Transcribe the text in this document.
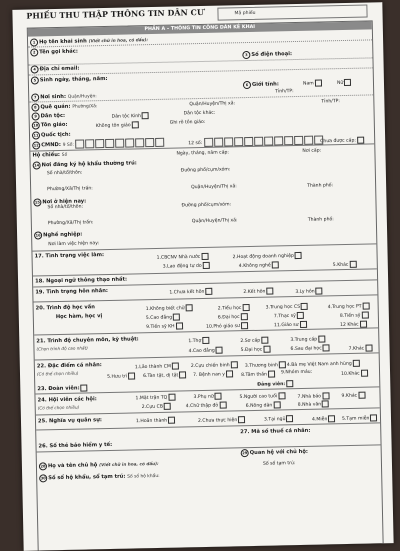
PHIẾU THU THẬP THÔNG TIN DÂN CƯ	Mã phiếu
PHẦN A – THÔNG TIN CÔNG DÂN KÊ KHAI
1 Họ tên khai sinh (Viết chữ in hoa, có dấu):
2 Tên gọi khác:	3 Số điện thoại:
4 Địa chỉ email:
5 Sinh ngày, tháng, năm:
6 Giới tính:	Nam	Nữ
7 Nơi sinh: Quận/Huyện:
Tỉnh/TP:
8 Quê quán: Phường/Xã:	Quận/Huyện/Thị xã:	Tỉnh/TP:
9 Dân tộc:	Dân tộc Kinh
Dân tộc khác:
10 Tôn giáo:	Không tôn giáo
Ghi rõ tôn giáo:
11 Quốc tịch:
12 CMND: 9 Số:	12 số:	Chưa được cấp:
Hộ chiếu: Số	Ngày, tháng, năm cấp:	Nơi cấp:
14 Nơi đăng ký hộ khẩu thường trú:
Số nhà/tổ/thôn:	Đường phố/cụm/xóm:
Phường/Xã/Thị trấn:	Quận/Huyện/Thị xã:	Thành phố:
15 Nơi ở hiện nay:
Số nhà/tổ/thôn:	Đường phố/cụm/xóm:
Phường/Xã/Thị trấn:	Quận/Huyện/Thị xã:	Thành phố:
16 Nghề nghiệp:
Nơi làm việc hiện nay:
17. Tình trạng việc làm:	1.CBCNV Nhà nước	2.Hoạt động doanh nghiệp
3.Lao động tự do	4.Không nghề	5.Khác
18. Ngoại ngữ thông thạo nhất:
19. Tình trạng hôn nhân:	1.Chưa kết hôn	2.Kết hôn	3.Ly hôn
20. Trình độ học vấn
Học hàm, học vị
1.Không biết chữ	2.Tiểu học	3.Trung học CS	4.Trung học PT
5.Cao đẳng	6.Đại học	7.Thạc sỹ	8.Tiến sỹ
9.Tiến sỹ KH	10.Phó giáo sư	11.Giáo sư	12 Khác
21. Trình độ chuyên môn, kỹ thuật:
(Chọn trình độ cao nhất)
1.Thợ	2.Sơ cấp	3.Trung cấp
4.Cao đẳng	5.Đại học	6.Sau đại học	7.Khác
22. Đặc điểm cá nhân:
(Có thể chọn nhiều)
1.Lão thành CM	2.Cựu chiến binh	3.Thương binh	4.Bà mẹ Việt Nam anh hùng
5.Hưu trí	6.Tàn tật, dị tật	7. Bệnh nan y	8.Tâm thần	9.Nhóm máu:	10.Khác
23. Đoàn viên:
Đảng viên:
24. Hội viên các hội:
(Có thể chọn nhiều)
1.Mặt trận TQ	3.Phụ nữ	5.Người cao tuổi	7.Nhà báo	9.Khác
2.Cựu CB	4.Chữ thập đỏ	6.Nông dân	8.Nhà văn
25. Nghĩa vụ quân sự:	1.Hoãn thành	2.Chưa thực hiện	3.Tại ngũ	4.Miễn	5.Tạm miễn
27. Mã số thuế cá nhân:
26. Số thẻ bảo hiểm y tế:
29 Quan hệ với chủ hộ:
28 Họ và tên chủ hộ (Viết chữ in hoa, có dấu):	Số sổ tạm trú:
30 Số sổ hộ khẩu, sổ tạm trú: Số sổ hộ khẩu:
